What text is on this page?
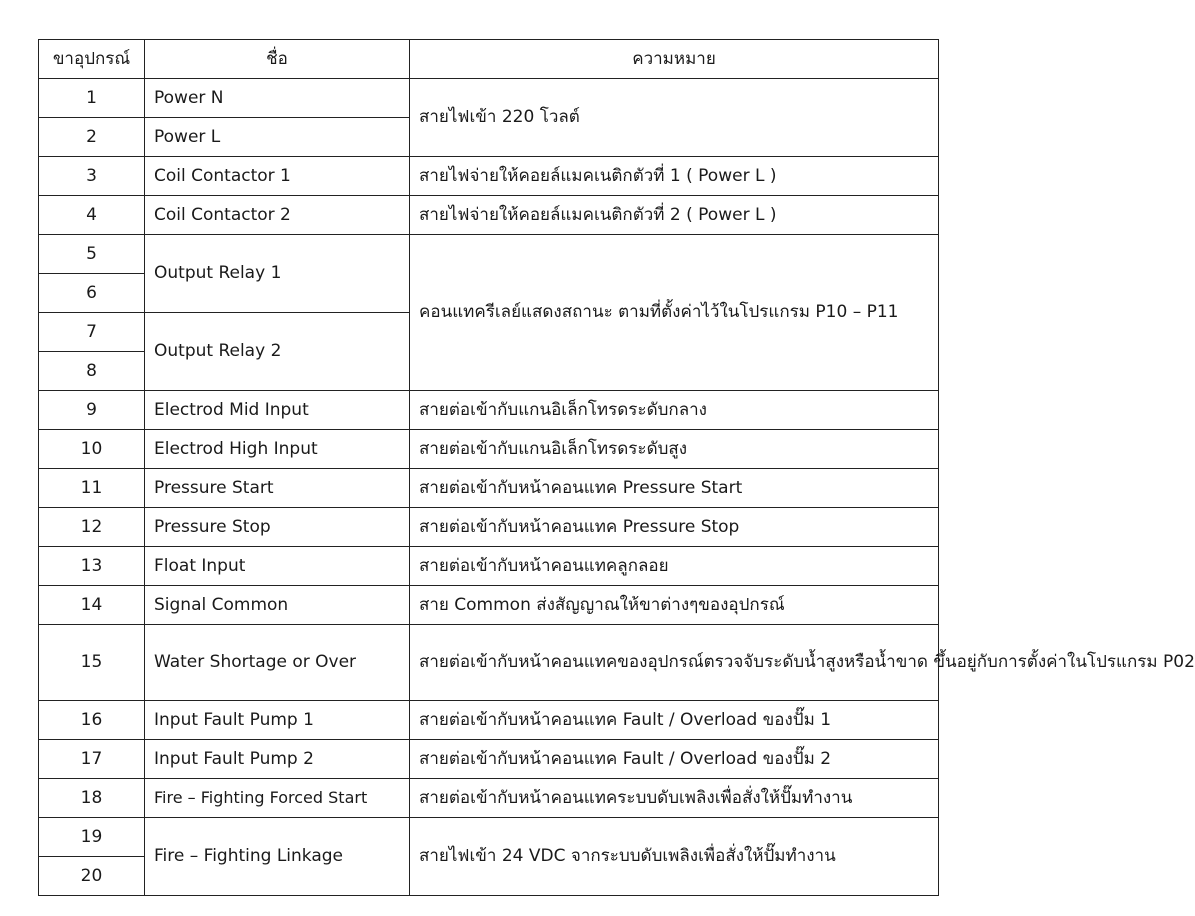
ขาอุปกรณ์	ชื่อ	ความหมาย
1	Power N	สายไฟเข้า 220 โวลต์
2	Power L	
3	Coil Contactor 1	สายไฟจ่ายให้คอยล์แมคเนติกตัวที่ 1 ( Power L )
4	Coil Contactor 2	สายไฟจ่ายให้คอยล์แมคเนติกตัวที่ 2 ( Power L )
5	Output Relay 1	คอนแทครีเลย์แสดงสถานะ ตามที่ตั้งค่าไว้ในโปรแกรม P10 – P11
6		
7	Output Relay 2	
8		
9	Electrod Mid Input	สายต่อเข้ากับแกนอิเล็กโทรดระดับกลาง
10	Electrod High Input	สายต่อเข้ากับแกนอิเล็กโทรดระดับสูง
11	Pressure Start	สายต่อเข้ากับหน้าคอนแทค Pressure Start
12	Pressure Stop	สายต่อเข้ากับหน้าคอนแทค Pressure Stop
13	Float Input	สายต่อเข้ากับหน้าคอนแทคลูกลอย
14	Signal Common	สาย Common ส่งสัญญาณให้ขาต่างๆของอุปกรณ์
15	Water Shortage or Over	สายต่อเข้ากับหน้าคอนแทคของอุปกรณ์ตรวจจับระดับน้ำสูงหรือน้ำขาด ขึ้นอยู่กับการตั้งค่าในโปรแกรม P02
16	Input Fault Pump 1	สายต่อเข้ากับหน้าคอนแทค Fault / Overload ของปั๊ม 1
17	Input Fault Pump 2	สายต่อเข้ากับหน้าคอนแทค Fault / Overload ของปั๊ม 2
18	Fire – Fighting Forced Start	สายต่อเข้ากับหน้าคอนแทคระบบดับเพลิงเพื่อสั่งให้ปั๊มทำงาน
19	Fire – Fighting Linkage	สายไฟเข้า 24 VDC จากระบบดับเพลิงเพื่อสั่งให้ปั๊มทำงาน
20		
